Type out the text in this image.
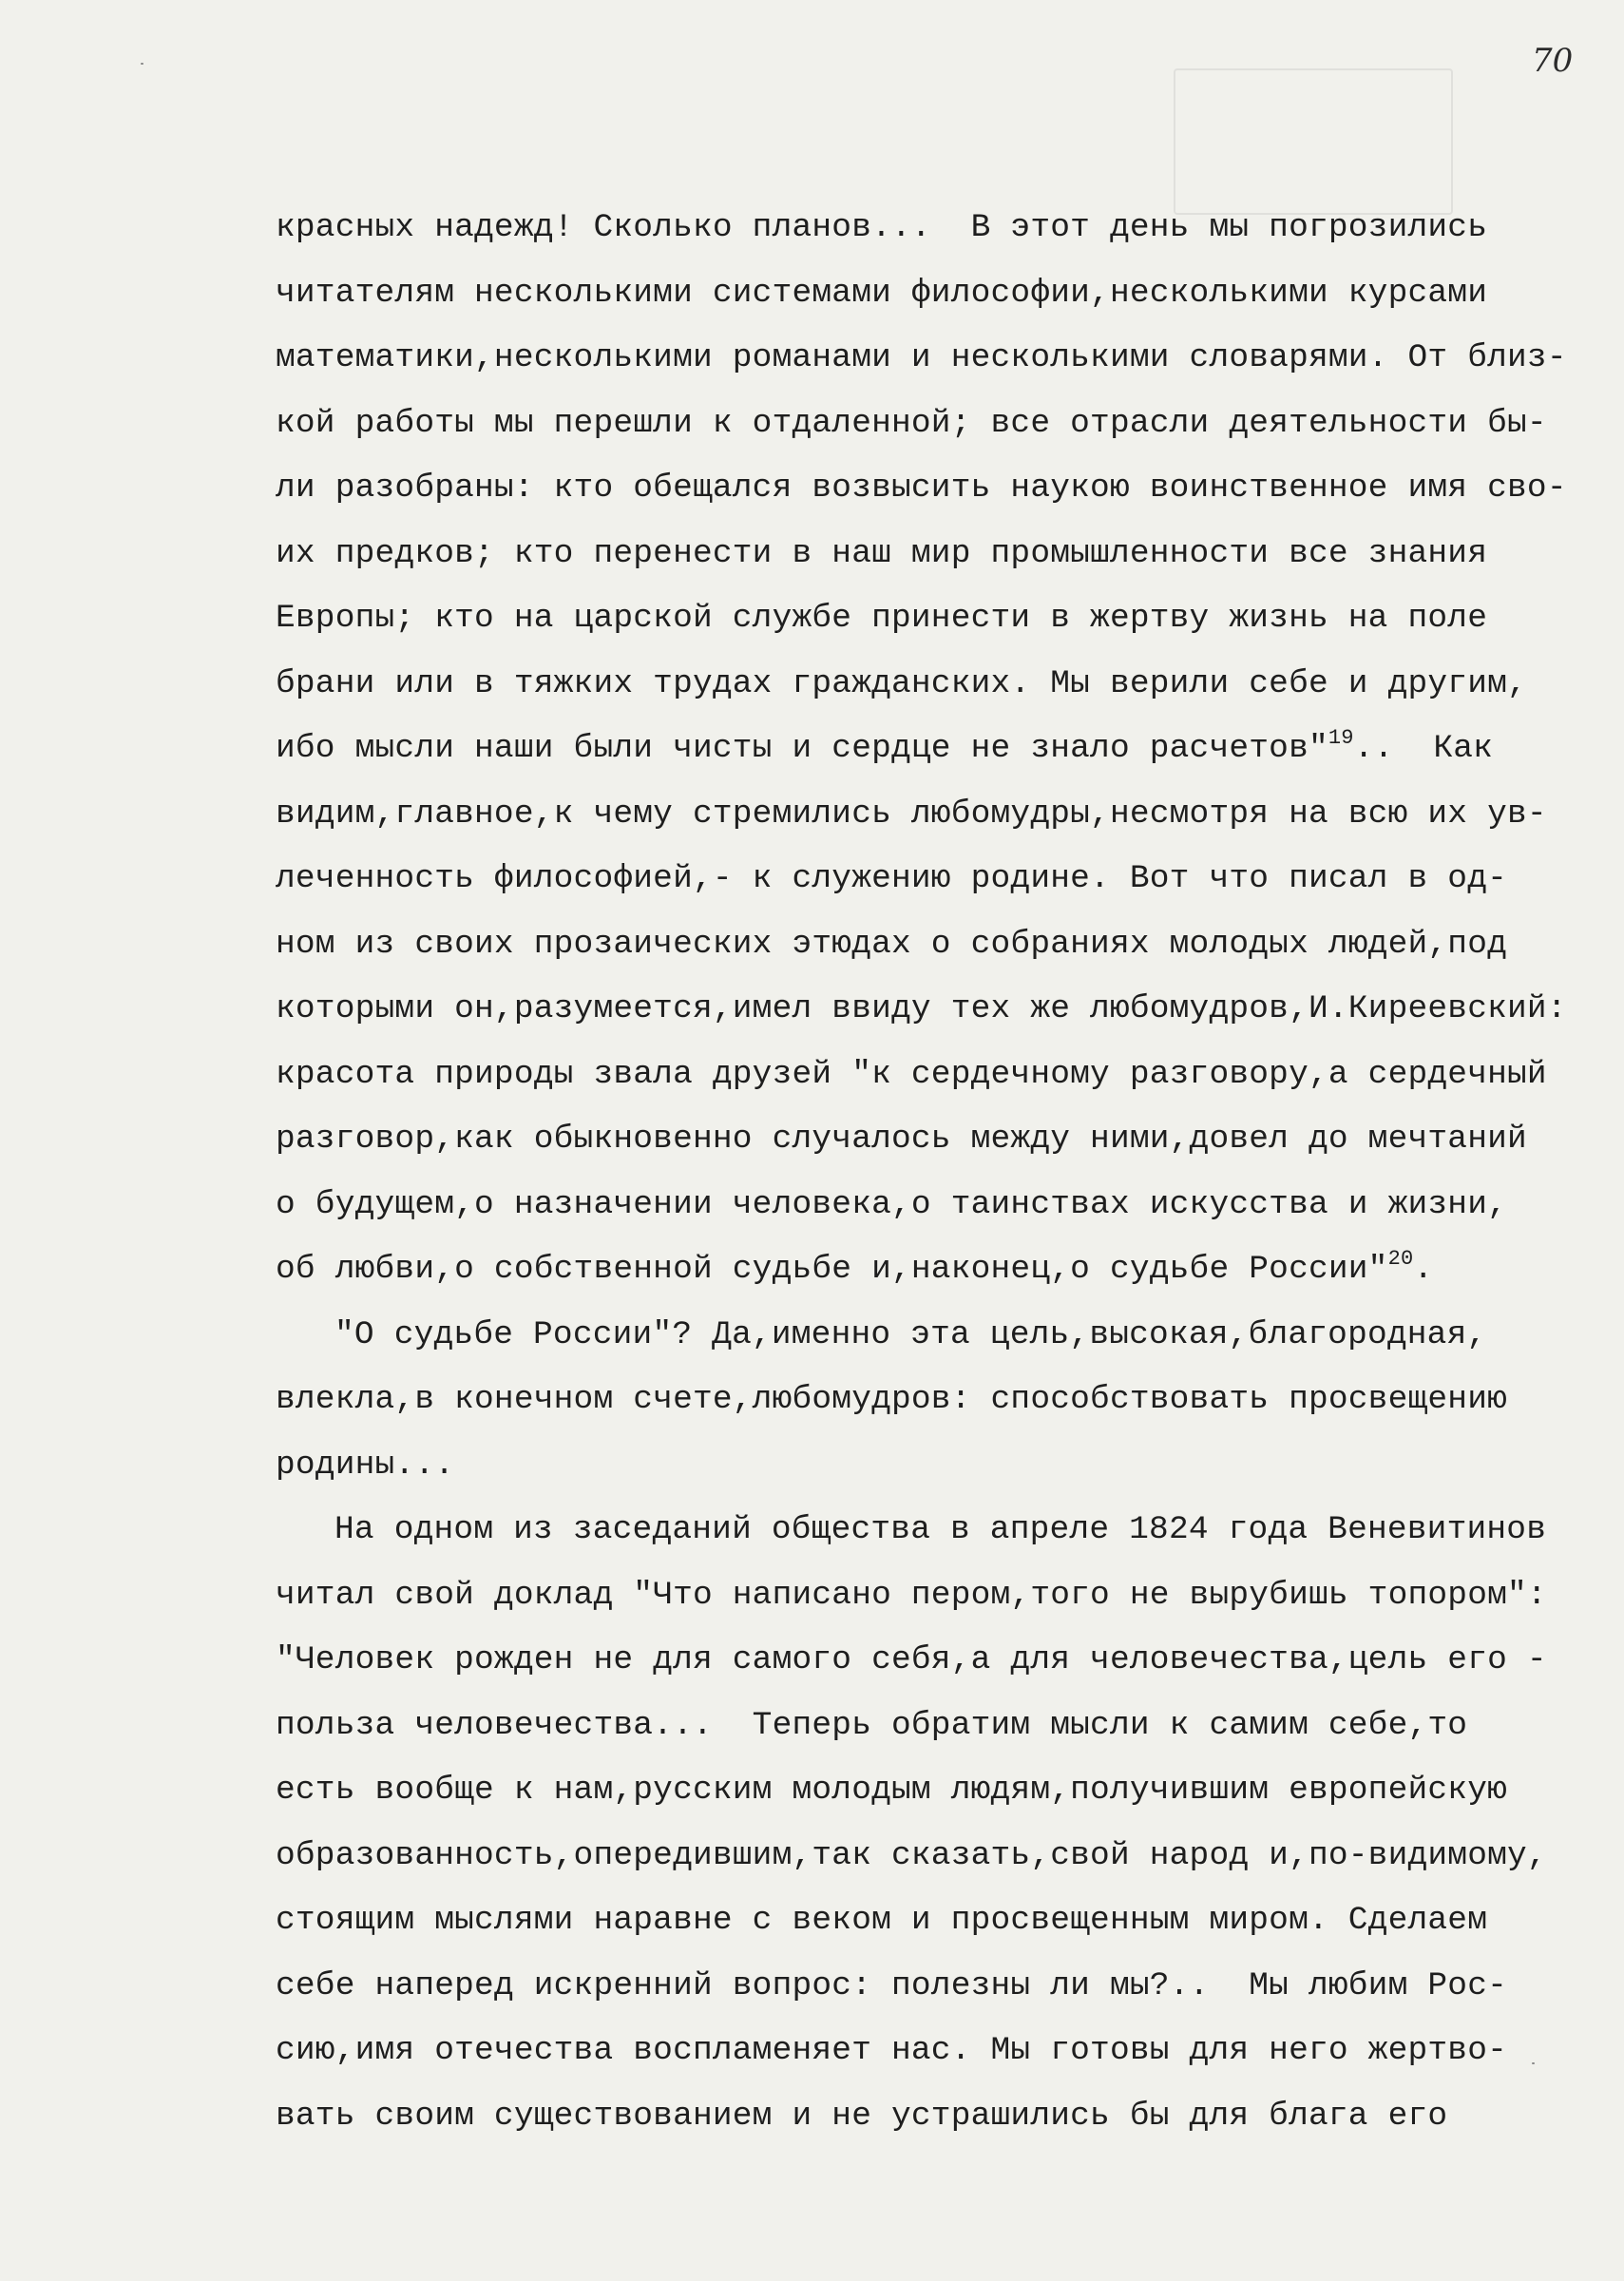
70
красных надежд! Сколько планов...  В этот день мы погрозились
читателям несколькими системами философии,несколькими курсами
математики,несколькими романами и несколькими словарями. От близ-
кой работы мы перешли к отдаленной; все отрасли деятельности бы-
ли разобраны: кто обещался возвысить наукою воинственное имя сво-
их предков; кто перенести в наш мир промышленности все знания
Европы; кто на царской службе принести в жертву жизнь на поле
брани или в тяжких трудах гражданских. Мы верили себе и другим,
ибо мысли наши были чисты и сердце не знало расчетов"$^{19}$..  Как
видим,главное,к чему стремились любомудры,несмотря на всю их ув-
леченность философией,- к служению родине. Вот что писал в од-
ном из своих прозаических этюдах о собраниях молодых людей,под
которыми он,разумеется,имел ввиду тех же любомудров,И.Киреевский:
красота природы звала друзей "к сердечному разговору,а сердечный
разговор,как обыкновенно случалось между ними,довел до мечтаний
о будущем,о назначении человека,о таинствах искусства и жизни,
об любви,о собственной судьбе и,наконец,о судьбе России"$^{20}$.
"О судьбе России"? Да,именно эта цель,высокая,благородная,
влекла,в конечном счете,любомудров: способствовать просвещению
родины...
На одном из заседаний общества в апреле 1824 года Веневитинов
читал свой доклад "Что написано пером,того не вырубишь топором":
"Человек рожден не для самого себя,а для человечества,цель его -
польза человечества...  Теперь обратим мысли к самим себе,то
есть вообще к нам,русским молодым людям,получившим европейскую
образованность,опередившим,так сказать,свой народ и,по-видимому,
стоящим мыслями наравне с веком и просвещенным миром. Сделаем
себе наперед искренний вопрос: полезны ли мы?..  Мы любим Рос-
сию,имя отечества воспламеняет нас. Мы готовы для него жертво-
вать своим существованием и не устрашились бы для блага его
